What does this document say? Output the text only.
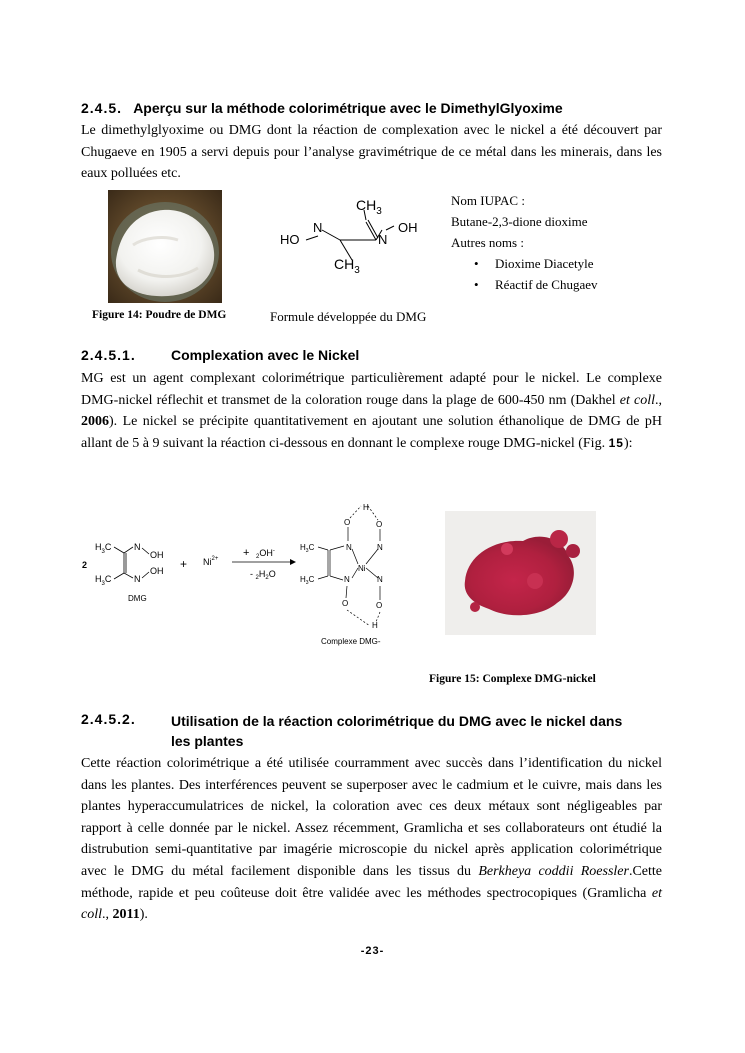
2.4.5. Aperçu sur la méthode colorimétrique avec le DimethylGlyoxime
Le dimethylglyoxime ou DMG dont la réaction de complexation avec le nickel a été découvert par Chugaeve en 1905 a servi depuis pour l’analyse gravimétrique de ce métal dans les minerais, dans les eaux polluées etc.
Figure 14: Poudre de DMG
$CH_3$
N
N
OH
HO
$CH_3$
Formule développée du DMG
Nom IUPAC :
Butane-2,3-dione dioxime
Autres noms :
• Dioxime Diacetyle
• Réactif de Chugaev
2.4.5.1.	Complexation avec le Nickel
MG est un agent complexant colorimétrique particulièrement adapté pour le nickel. Le complexe DMG-nickel réflechit et transmet de la coloration rouge dans la plage de 600-450 nm (Dakhel et coll., 2006). Le nickel se précipite quantitativement en ajoutant une solution éthanolique de DMG de pH allant de 5 à 9 suivant la réaction ci-dessous en donnant le complexe rouge DMG-nickel (Fig. 15):
2
$H_3C$	N
OH
$H_3C$	N
OH
DMG
+ $Ni^{2+} + _2OH^-$
- $_2H_2O$
H
O	O
$H_3C$	N	N
Ni
$H_3C$	N	N
O	O
H
Complexe DMG-
Figure 15: Complexe DMG-nickel
2.4.5.2.	Utilisation de la réaction colorimétrique du DMG avec le nickel dans
les plantes
Cette réaction colorimétrique a été utilisée courramment avec succès dans l’identification du nickel dans les plantes. Des interférences peuvent se superposer avec le cadmium et le cuivre, mais dans les plantes hyperaccumulatrices de nickel, la coloration avec ces deux métaux sont négligeables par rapport à celle donnée par le nickel. Assez récemment, Gramlicha et ses collaborateurs ont étudié la distrubution semi-quantitative par imagérie microscopie du nickel après application colorimétrique avec le DMG du métal facilement disponible dans les tissus du Berkheya coddii Roessler.Cette méthode, rapide et peu coûteuse doit être validée avec les méthodes spectrocopiques (Gramlicha et coll., 2011).
-23-
